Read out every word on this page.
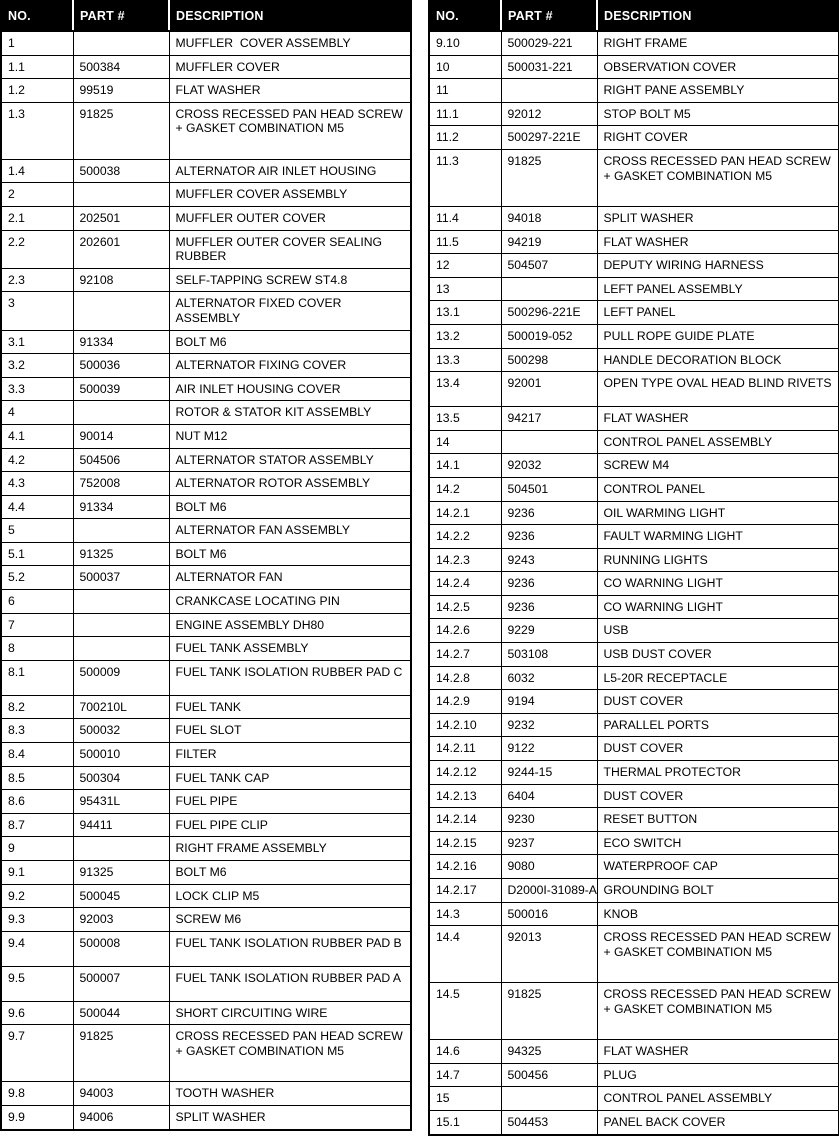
NO.	PART #	DESCRIPTION
1		MUFFLER  COVER ASSEMBLY
1.1	500384	MUFFLER COVER
1.2	99519	FLAT WASHER
1.3	91825	CROSS RECESSED PAN HEAD SCREW + GASKET COMBINATION M5
1.4	500038	ALTERNATOR AIR INLET HOUSING
2		MUFFLER COVER ASSEMBLY
2.1	202501	MUFFLER OUTER COVER
2.2	202601	MUFFLER OUTER COVER SEALING RUBBER
2.3	92108	SELF-TAPPING SCREW ST4.8
3		ALTERNATOR FIXED COVER ASSEMBLY
3.1	91334	BOLT M6
3.2	500036	ALTERNATOR FIXING COVER
3.3	500039	AIR INLET HOUSING COVER
4		ROTOR & STATOR KIT ASSEMBLY
4.1	90014	NUT M12
4.2	504506	ALTERNATOR STATOR ASSEMBLY
4.3	752008	ALTERNATOR ROTOR ASSEMBLY
4.4	91334	BOLT M6
5		ALTERNATOR FAN ASSEMBLY
5.1	91325	BOLT M6
5.2	500037	ALTERNATOR FAN
6		CRANKCASE LOCATING PIN
7		ENGINE ASSEMBLY DH80
8		FUEL TANK ASSEMBLY
8.1	500009	FUEL TANK ISOLATION RUBBER PAD C
8.2	700210L	FUEL TANK
8.3	500032	FUEL SLOT
8.4	500010	FILTER
8.5	500304	FUEL TANK CAP
8.6	95431L	FUEL PIPE
8.7	94411	FUEL PIPE CLIP
9		RIGHT FRAME ASSEMBLY
9.1	91325	BOLT M6
9.2	500045	LOCK CLIP M5
9.3	92003	SCREW M6
9.4	500008	FUEL TANK ISOLATION RUBBER PAD B
9.5	500007	FUEL TANK ISOLATION RUBBER PAD A
9.6	500044	SHORT CIRCUITING WIRE
9.7	91825	CROSS RECESSED PAN HEAD SCREW + GASKET COMBINATION M5
9.8	94003	TOOTH WASHER
9.9	94006	SPLIT WASHER
NO.	PART #	DESCRIPTION
9.10	500029-221	RIGHT FRAME
10	500031-221	OBSERVATION COVER
11		RIGHT PANE ASSEMBLY
11.1	92012	STOP BOLT M5
11.2	500297-221E	RIGHT COVER
11.3	91825	CROSS RECESSED PAN HEAD SCREW + GASKET COMBINATION M5
11.4	94018	SPLIT WASHER
11.5	94219	FLAT WASHER
12	504507	DEPUTY WIRING HARNESS
13		LEFT PANEL ASSEMBLY
13.1	500296-221E	LEFT PANEL
13.2	500019-052	PULL ROPE GUIDE PLATE
13.3	500298	HANDLE DECORATION BLOCK
13.4	92001	OPEN TYPE OVAL HEAD BLIND RIVETS
13.5	94217	FLAT WASHER
14		CONTROL PANEL ASSEMBLY
14.1	92032	SCREW M4
14.2	504501	CONTROL PANEL
14.2.1	9236	OIL WARMING LIGHT
14.2.2	9236	FAULT WARMING LIGHT
14.2.3	9243	RUNNING LIGHTS
14.2.4	9236	CO WARNING LIGHT
14.2.5	9236	CO WARNING LIGHT
14.2.6	9229	USB
14.2.7	503108	USB DUST COVER
14.2.8	6032	L5-20R RECEPTACLE
14.2.9	9194	DUST COVER
14.2.10	9232	PARALLEL PORTS
14.2.11	9122	DUST COVER
14.2.12	9244-15	THERMAL PROTECTOR
14.2.13	6404	DUST COVER
14.2.14	9230	RESET BUTTON
14.2.15	9237	ECO SWITCH
14.2.16	9080	WATERPROOF CAP
14.2.17	D2000I-31089-A	GROUNDING BOLT
14.3	500016	KNOB
14.4	92013	CROSS RECESSED PAN HEAD SCREW + GASKET COMBINATION M5
14.5	91825	CROSS RECESSED PAN HEAD SCREW + GASKET COMBINATION M5
14.6	94325	FLAT WASHER
14.7	500456	PLUG
15		CONTROL PANEL ASSEMBLY
15.1	504453	PANEL BACK COVER
